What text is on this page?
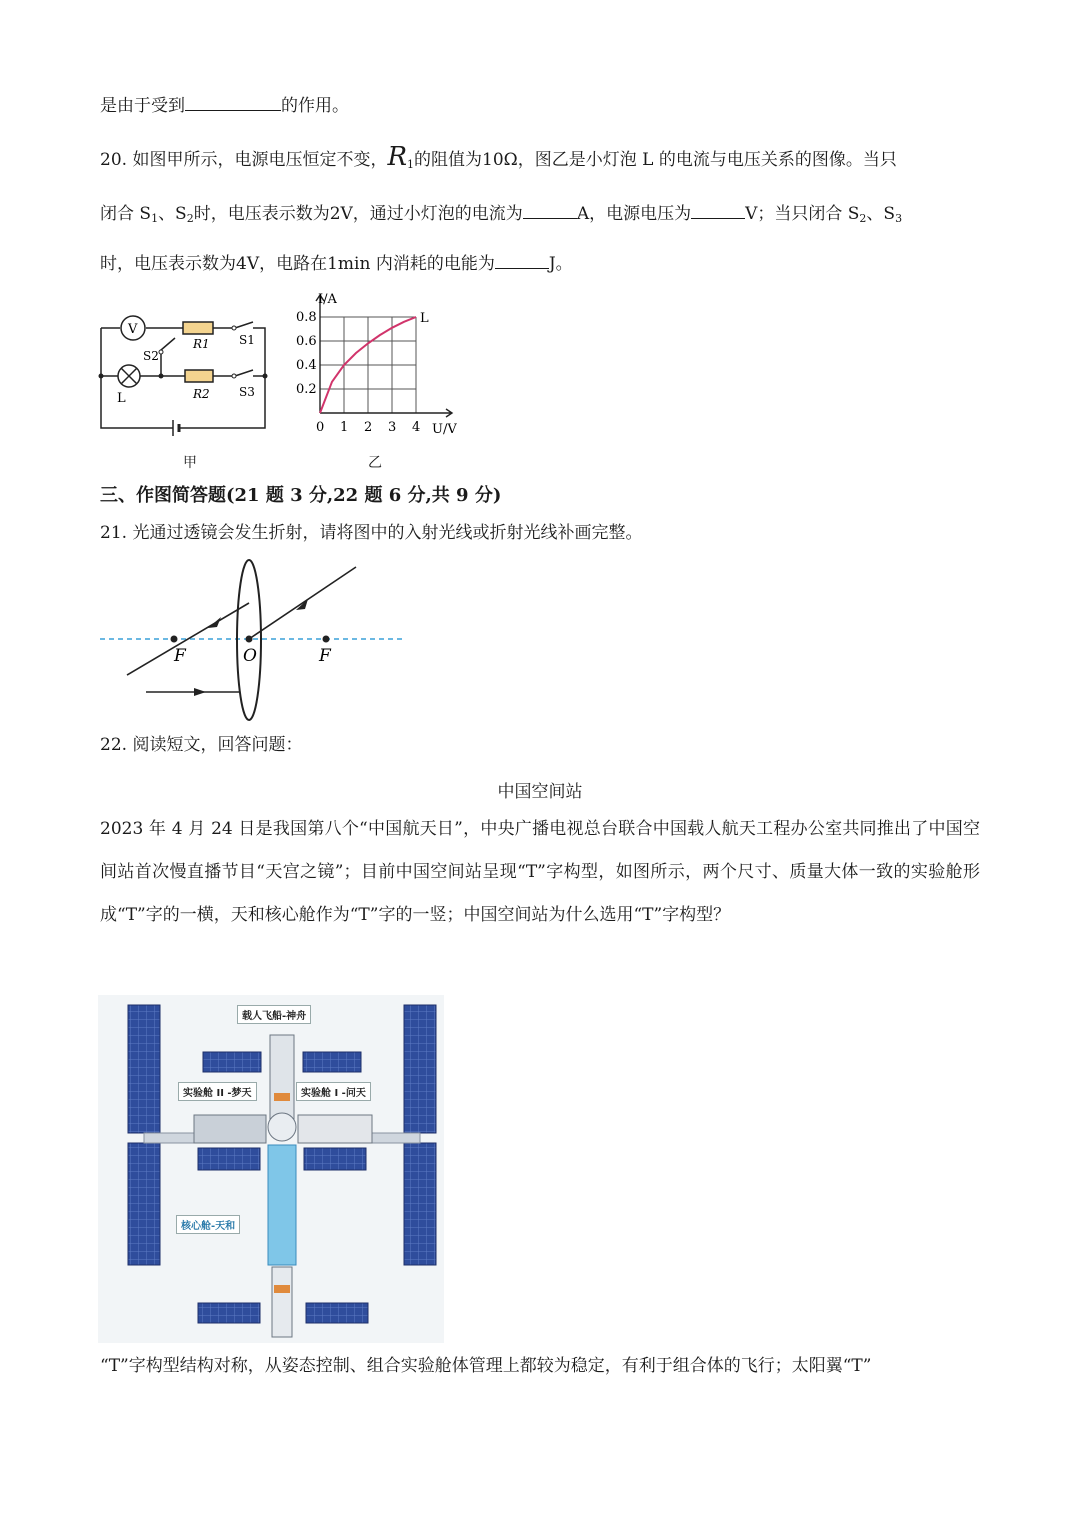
是由于受到	的作用。
20. 如图甲所示，电源电压恒定不变，$R_1$的阻值为10Ω，图乙是小灯泡 L 的电流与电压关系的图像。当只
闭合 $S_1$、$S_2$时，电压表示数为2V，通过小灯泡的电流为	A，电源电压为	V；当只闭合 $S_2$、$S_3$
时，电压表示数为4V，电路在1min 内消耗的电能为	J。
V
R1 S1
S2
L	R2 S3
甲
I/A
U/V
L
0 1 2 3 4
0.2
0.4
0.6
0.8
乙
三、作图简答题(21 题 3 分,22 题 6 分,共 9 分)
21. 光通过透镜会发生折射，请将图中的入射光线或折射光线补画完整。
F	O	F
22. 阅读短文，回答问题：
中国空间站
2023 年 4 月 24 日是我国第八个“中国航天日”，中央广播电视总台联合中国载人航天工程办公室共同推出了中国空间站首次慢直播节目“天宫之镜”；目前中国空间站呈现“T”字构型，如图所示，两个尺寸、质量大体一致的实验舱形成“T”字的一横，天和核心舱作为“T”字的一竖；中国空间站为什么选用“T”字构型？
载人飞船-神舟
实验舱 II -梦天	实验舱 I -问天
核心舱-天和
“T”字构型结构对称，从姿态控制、组合实验舱体管理上都较为稳定，有利于组合体的飞行；太阳翼“T”
